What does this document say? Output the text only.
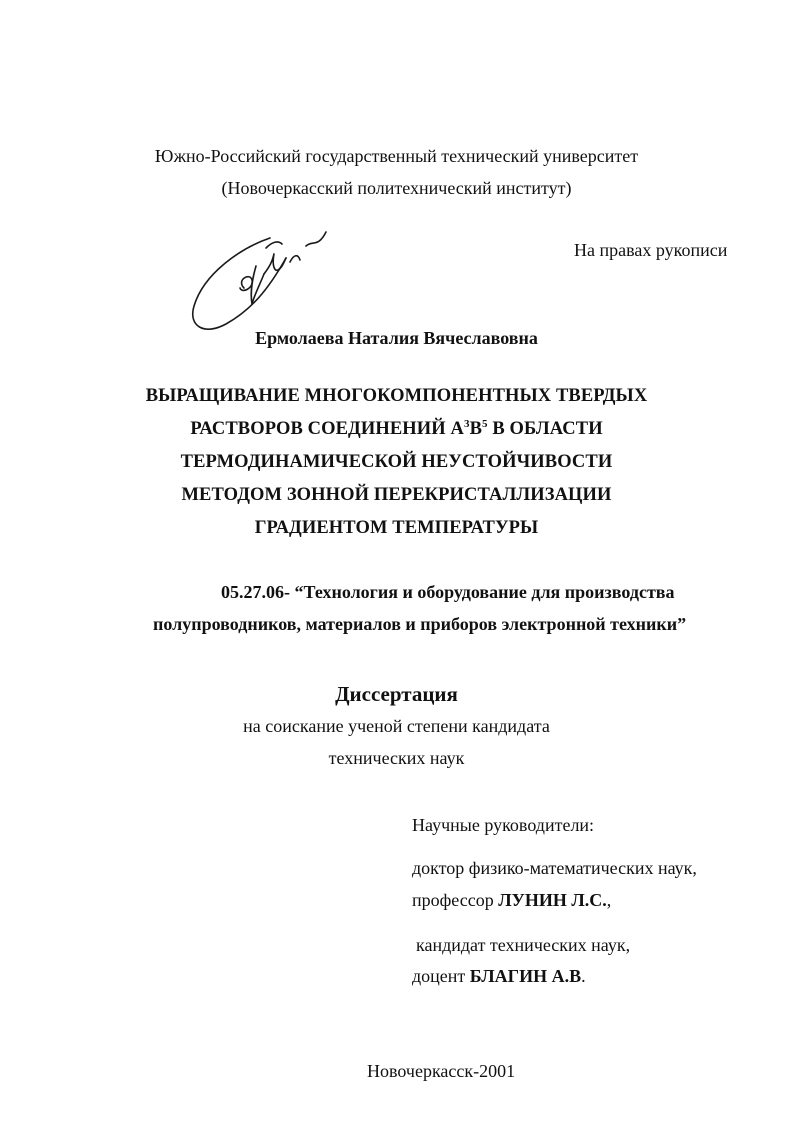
Южно-Российский государственный технический университет
(Новочеркасский политехнический институт)
На правах рукописи
Ермолаева Наталия Вячеславовна
ВЫРАЩИВАНИЕ МНОГОКОМПОНЕНТНЫХ ТВЕРДЫХ
РАСТВОРОВ СОЕДИНЕНИЙ $А^3В^5$ В ОБЛАСТИ
ТЕРМОДИНАМИЧЕСКОЙ НЕУСТОЙЧИВОСТИ
МЕТОДОМ ЗОННОЙ ПЕРЕКРИСТАЛЛИЗАЦИИ
ГРАДИЕНТОМ ТЕМПЕРАТУРЫ
05.27.06- “Технология и оборудование для производства
полупроводников, материалов и приборов электронной техники”
Диссертация
на соискание ученой степени кандидата
технических наук
Научные руководители:
доктор физико-математических наук,
профессор ЛУНИН Л.С.,
кандидат технических наук,
доцент БЛАГИН А.В.
Новочеркасск-2001
